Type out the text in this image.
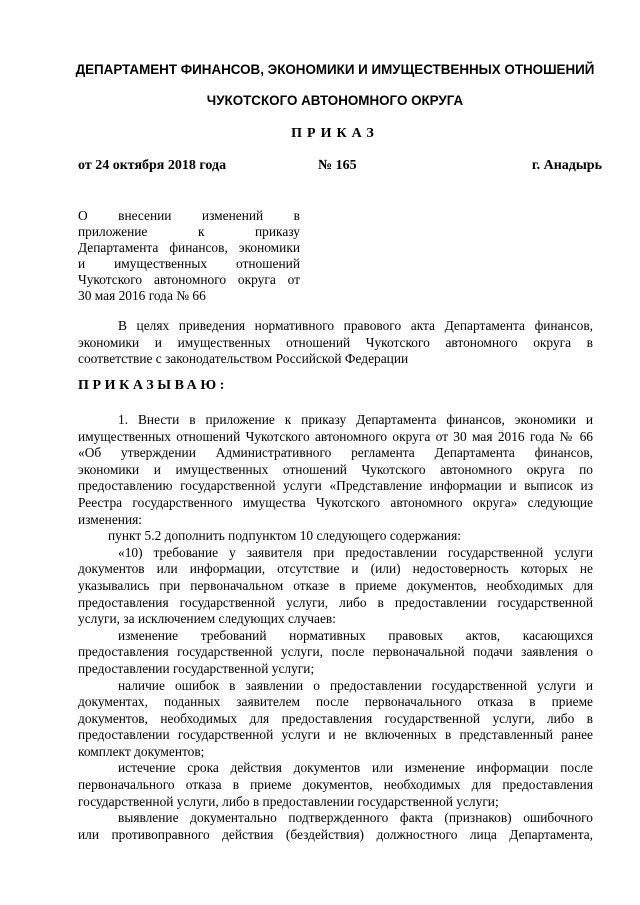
ДЕПАРТАМЕНТ ФИНАНСОВ, ЭКОНОМИКИ И ИМУЩЕСТВЕННЫХ ОТНОШЕНИЙ
ЧУКОТСКОГО АВТОНОМНОГО ОКРУГА
ПРИКАЗ
от 24 октября 2018 года	№ 165	г. Анадырь
О внесении изменений в
приложение к приказу
Департамента финансов, экономики
и имущественных отношений
Чукотского автономного округа от
30 мая 2016 года № 66
В целях приведения нормативного правового акта Департамента финансов,
экономики и имущественных отношений Чукотского автономного округа в
соответствие с законодательством Российской Федерации
ПРИКАЗЫВАЮ:
1. Внести в приложение к приказу Департамента финансов, экономики и
имущественных отношений Чукотского автономного округа от 30 мая 2016 года № 66
«Об утверждении Административного регламента Департамента финансов,
экономики и имущественных отношений Чукотского автономного округа по
предоставлению государственной услуги «Представление информации и выписок из
Реестра государственного имущества Чукотского автономного округа» следующие
изменения:
пункт 5.2 дополнить подпунктом 10 следующего содержания:
«10) требование у заявителя при предоставлении государственной услуги
документов или информации, отсутствие и (или) недостоверность которых не
указывались при первоначальном отказе в приеме документов, необходимых для
предоставления государственной услуги, либо в предоставлении государственной
услуги, за исключением следующих случаев:
изменение требований нормативных правовых актов, касающихся
предоставления государственной услуги, после первоначальной подачи заявления о
предоставлении государственной услуги;
наличие ошибок в заявлении о предоставлении государственной услуги и
документах, поданных заявителем после первоначального отказа в приеме
документов, необходимых для предоставления государственной услуги, либо в
предоставлении государственной услуги и не включенных в представленный ранее
комплект документов;
истечение срока действия документов или изменение информации после
первоначального отказа в приеме документов, необходимых для предоставления
государственной услуги, либо в предоставлении государственной услуги;
выявление документально подтвержденного факта (признаков) ошибочного
или противоправного действия (бездействия) должностного лица Департамента,
